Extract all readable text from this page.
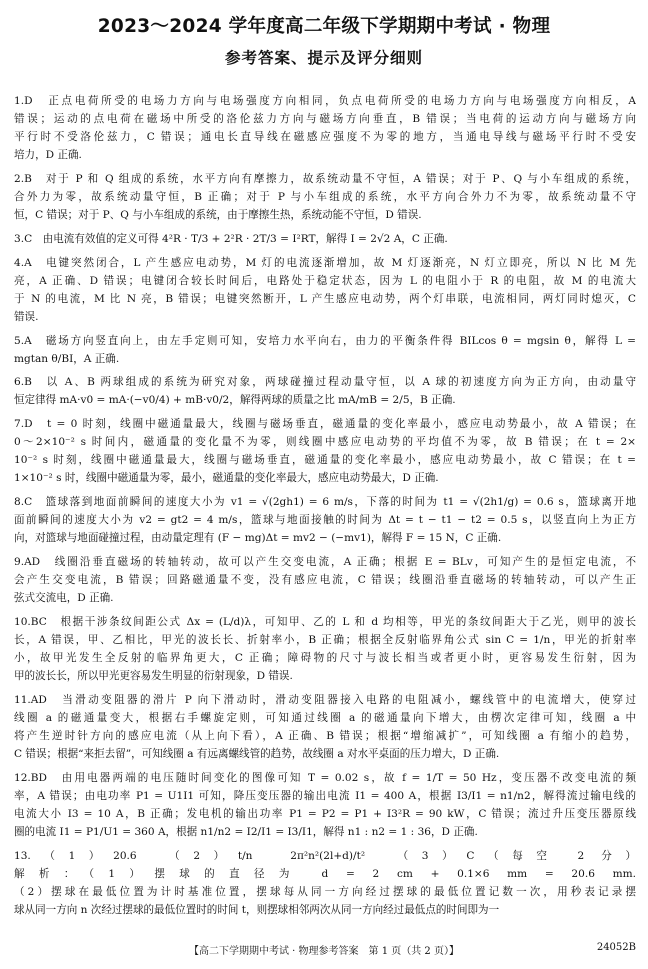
2023～2024 学年度高二年级下学期期中考试 · 物理
参考答案、提示及评分细则
1.D　正点电荷所受的电场力方向与电场强度方向相同，负点电荷所受的电场力方向与电场强度方向相反，A
错误；运动的点电荷在磁场中所受的洛伦兹力方向与磁场方向垂直，B 错误；当电荷的运动方向与磁场方向
平行时不受洛伦兹力，C 错误；通电长直导线在磁感应强度不为零的地方，当通电导线与磁场平行时不受安
培力，D 正确.
2.B　对于 P 和 Q 组成的系统，水平方向有摩擦力，故系统动量不守恒，A 错误；对于 P、Q 与小车组成的系统，
合外力为零，故系统动量守恒，B 正确；对于 P 与小车组成的系统，水平方向合外力不为零，故系统动量不守
恒，C 错误；对于 P、Q 与小车组成的系统，由于摩擦生热，系统动能不守恒，D 错误.
3.C　由电流有效值的定义可得 4²R · T/3 + 2²R · 2T/3 = I²RT，解得 I = 2√2 A，C 正确.
4.A　电键突然闭合，L 产生感应电动势，M 灯的电流逐渐增加，故 M 灯逐渐亮，N 灯立即亮，所以 N 比 M 先
亮，A 正确、D 错误；电键闭合较长时间后，电路处于稳定状态，因为 L 的电阻小于 R 的电阻，故 M 的电流大
于 N 的电流，M 比 N 亮，B 错误；电键突然断开，L 产生感应电动势，两个灯串联，电流相同，两灯同时熄灭，C
错误.
5.A　磁场方向竖直向上，由左手定则可知，安培力水平向右，由力的平衡条件得 BILcos θ = mgsin θ，解得 L =
mgtan θ/BI，A 正确.
6.B　以 A、B 两球组成的系统为研究对象，两球碰撞过程动量守恒，以 A 球的初速度方向为正方向，由动量守
恒定律得 mA·v0 = mA·(−v0/4) + mB·v0/2，解得两球的质量之比 mA/mB = 2/5，B 正确.
7.D　t = 0 时刻，线圈中磁通量最大，线圈与磁场垂直，磁通量的变化率最小，感应电动势最小，故 A 错误；在
0～2×10⁻² s 时间内，磁通量的变化量不为零，则线圈中感应电动势的平均值不为零，故 B 错误；在 t = 2×
10⁻² s 时刻，线圈中磁通量最大，线圈与磁场垂直，磁通量的变化率最小，感应电动势最小，故 C 错误；在 t =
1×10⁻² s 时，线圈中磁通量为零，最小，磁通量的变化率最大，感应电动势最大，D 正确.
8.C　篮球落到地面前瞬间的速度大小为 v1 = √(2gh1) = 6 m/s，下落的时间为 t1 = √(2h1/g) = 0.6 s，篮球离开地
面前瞬间的速度大小为 v2 = gt2 = 4 m/s，篮球与地面接触的时间为 Δt = t − t1 − t2 = 0.5 s，以竖直向上为正方
向，对篮球与地面碰撞过程，由动量定理有 (F − mg)Δt = mv2 − (−mv1)，解得 F = 15 N，C 正确.
9.AD　线圈沿垂直磁场的转轴转动，故可以产生交变电流，A 正确；根据 E = BLv，可知产生的是恒定电流，不
会产生交变电流，B 错误；回路磁通量不变，没有感应电流，C 错误；线圈沿垂直磁场的转轴转动，可以产生正
弦式交流电，D 正确.
10.BC　根据干涉条纹间距公式 Δx = (L/d)λ，可知甲、乙的 L 和 d 均相等，甲光的条纹间距大于乙光，则甲的波长
长，A 错误，甲、乙相比，甲光的波长长、折射率小，B 正确；根据全反射临界角公式 sin C = 1/n，甲光的折射率
小，故甲光发生全反射的临界角更大，C 正确；障碍物的尺寸与波长相当或者更小时，更容易发生衍射，因为
甲的波长长，所以甲光更容易发生明显的衍射现象，D 错误.
11.AD　当滑动变阻器的滑片 P 向下滑动时，滑动变阻器接入电路的电阻减小，螺线管中的电流增大，使穿过
线圈 a 的磁通量变大，根据右手螺旋定则，可知通过线圈 a 的磁通量向下增大，由楞次定律可知，线圈 a 中
将产生逆时针方向的感应电流（从上向下看），A 正确、B 错误；根据“增缩减扩”，可知线圈 a 有缩小的趋势，
C 错误；根据“来拒去留”，可知线圈 a 有远离螺线管的趋势，故线圈 a 对水平桌面的压力增大，D 正确.
12.BD　由用电器两端的电压随时间变化的图像可知 T = 0.02 s，故 f = 1/T = 50 Hz，变压器不改变电流的频
率，A 错误；由电功率 P1 = U1I1 可知，降压变压器的输出电流 I1 = 400 A，根据 I3/I1 = n1/n2，解得流过输电线的
电流大小 I3 = 10 A，B 正确；发电机的输出功率 P1 = P2 = P1 + I3²R = 90 kW，C 错误；流过升压变压器原线
圈的电流 I1 = P1/U1 = 360 A，根据 n1/n2 = I2/I1 = I3/I1，解得 n1 : n2 = 1 : 36，D 正确.
13.（1）20.6　（2）t/n　2π²n²(2l+d)/t²　（3）C（每空 2 分）
解析：（1）摆球的直径为 d = 2 cm + 0.1×6 mm = 20.6 mm.
（2）摆球在最低位置为计时基准位置，摆球每从同一方向经过摆球的最低位置记数一次，用秒表记录摆
球从同一方向 n 次经过摆球的最低位置时的时间 t，则摆球相邻两次从同一方向经过最低点的时间即为一
【高二下学期期中考试 · 物理参考答案　第 1 页（共 2 页）】	24052B
